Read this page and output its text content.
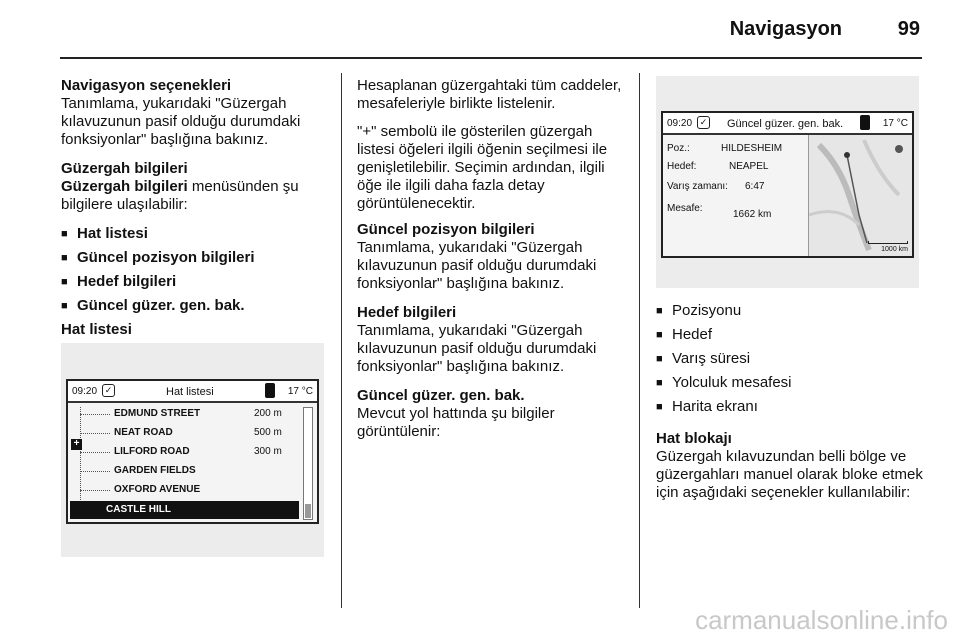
Navigasyon	99
Navigasyon seçenekleri
Tanımlama, yukarıdaki "Güzergah kılavuzunun pasif olduğu durumdaki fonksiyonlar" başlığına bakınız.
Güzergah bilgileri
Güzergah bilgileri menüsünden şu bilgilere ulaşılabilir:
■ Hat listesi
■ Güncel pozisyon bilgileri
■ Hedef bilgileri
■ Güncel güzer. gen. bak.
Hat listesi
09:20 ✓	Hat listesi	17 °C
+
EDMUND STREET	200 m
NEAT ROAD	500 m
LILFORD ROAD	300 m
GARDEN FIELDS
OXFORD AVENUE
CASTLE HILL

Hesaplanan güzergahtaki tüm caddeler, mesafeleriyle birlikte listelenir.

"+" sembolü ile gösterilen güzergah listesi öğeleri ilgili öğenin seçilmesi ile genişletilebilir. Seçimin ardından, ilgili öğe ile ilgili daha fazla detay görüntülenecektir.

Güncel pozisyon bilgileri
Tanımlama, yukarıdaki "Güzergah kılavuzunun pasif olduğu durumdaki fonksiyonlar" başlığına bakınız.
Hedef bilgileri
Tanımlama, yukarıdaki "Güzergah kılavuzunun pasif olduğu durumdaki fonksiyonlar" başlığına bakınız.
Güncel güzer. gen. bak.
Mevcut yol hattında şu bilgiler görüntülenir:
09:20 ✓ Güncel güzer. gen. bak.	17 °C
Poz.:	HILDESHEIM
Hedef:	NEAPEL
Varış zamanı: 6:47
Mesafe:
1662 km
1000 km
■ Pozisyonu
■ Hedef
■ Varış süresi
■ Yolculuk mesafesi
■ Harita ekranı
Hat blokajı
Güzergah kılavuzundan belli bölge ve güzergahları manuel olarak bloke etmek için aşağıdaki seçenekler kullanılabilir:
carmanualsonline.info
